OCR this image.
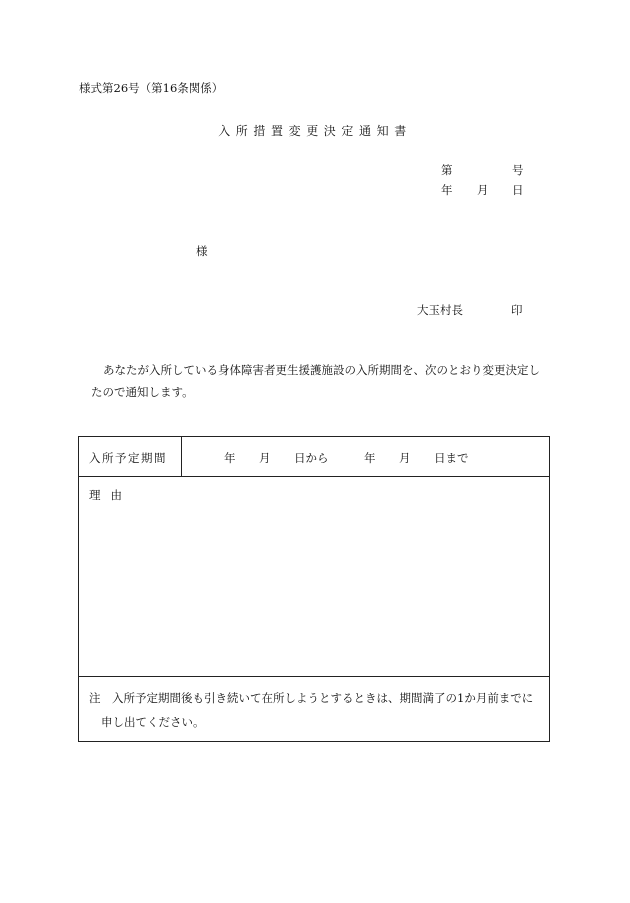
様式第26号（第16条関係）
入所措置変更決定通知書
第	号
年 月 日
様
大玉村長	印
あなたが入所している身体障害者更生援護施設の入所期間を、次のとおり変更決定し
たので通知します。
入所予定期間	年 月 日から	年 月 日まで
理由
注　入所予定期間後も引き続いて在所しようとするときは、期間満了の1か月前までに
申し出てください。
